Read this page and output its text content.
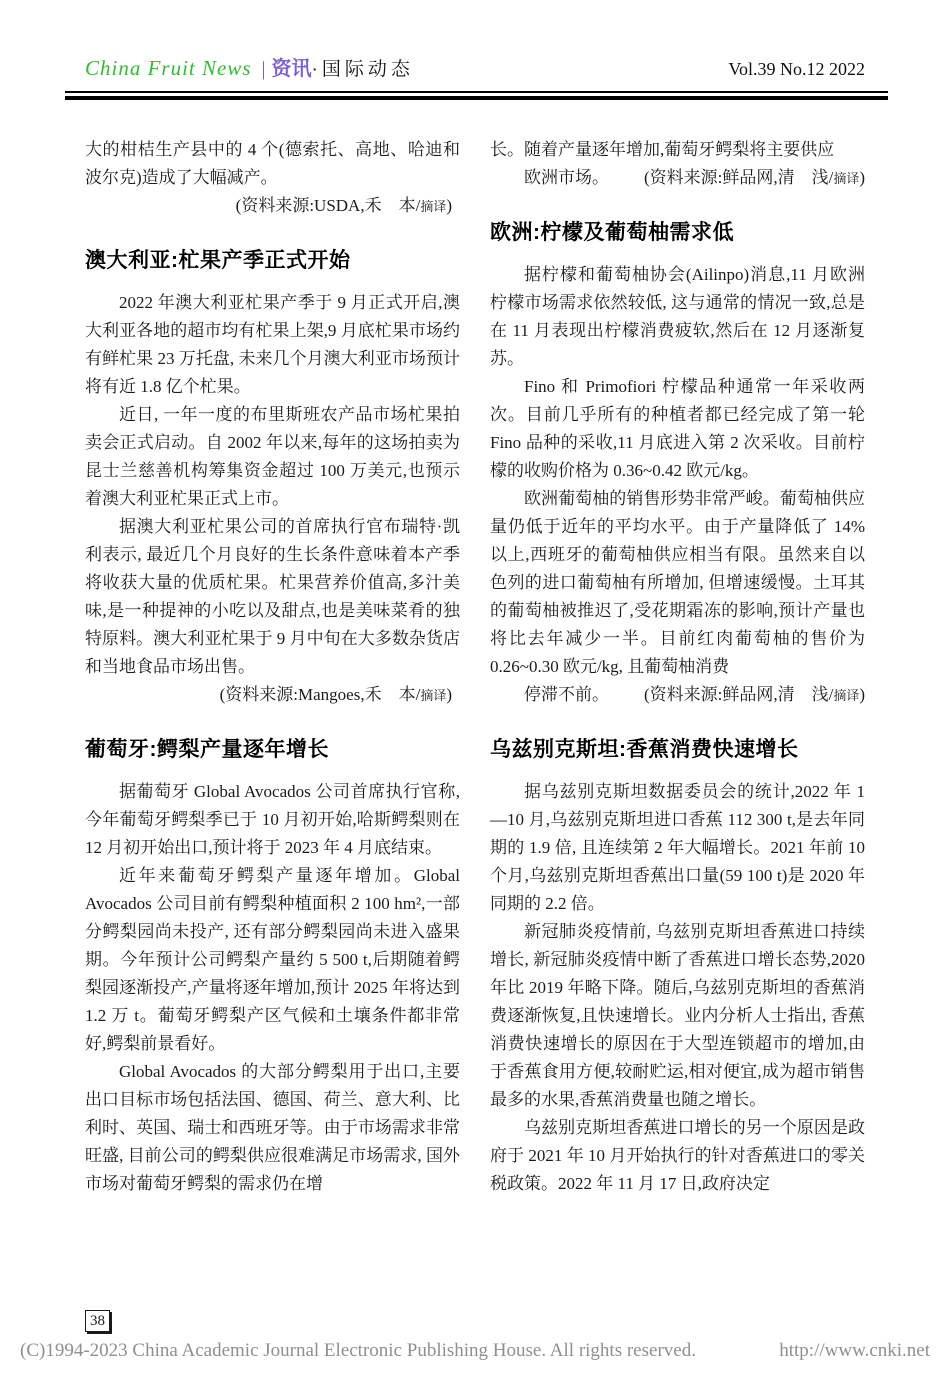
China Fruit News | 资讯·国际动态	Vol.39 No.12 2022

大的柑桔生产县中的 4 个(德索托、高地、哈迪和波尔克)造成了大幅减产。

(资料来源:USDA,禾　本/摘译)

澳大利亚:杧果产季正式开始

2022 年澳大利亚杧果产季于 9 月正式开启,澳大利亚各地的超市均有杧果上架,9 月底杧果市场约有鲜杧果 23 万托盘, 未来几个月澳大利亚市场预计将有近 1.8 亿个杧果。

近日, 一年一度的布里斯班农产品市场杧果拍卖会正式启动。自 2002 年以来,每年的这场拍卖为昆士兰慈善机构筹集资金超过 100 万美元,也预示着澳大利亚杧果正式上市。

据澳大利亚杧果公司的首席执行官布瑞特·凯利表示, 最近几个月良好的生长条件意味着本产季将收获大量的优质杧果。杧果营养价值高,多汁美味,是一种提神的小吃以及甜点,也是美味菜肴的独特原料。澳大利亚杧果于 9 月中旬在大多数杂货店和当地食品市场出售。

(资料来源:Mangoes,禾　本/摘译)

葡萄牙:鳄梨产量逐年增长

据葡萄牙 Global Avocados 公司首席执行官称,今年葡萄牙鳄梨季已于 10 月初开始,哈斯鳄梨则在 12 月初开始出口,预计将于 2023 年 4 月底结束。

近年来葡萄牙鳄梨产量逐年增加。Global Avocados 公司目前有鳄梨种植面积 2 100 hm²,一部分鳄梨园尚未投产, 还有部分鳄梨园尚未进入盛果期。今年预计公司鳄梨产量约 5 500 t,后期随着鳄梨园逐渐投产,产量将逐年增加,预计 2025 年将达到 1.2 万 t。葡萄牙鳄梨产区气候和土壤条件都非常好,鳄梨前景看好。

Global Avocados 的大部分鳄梨用于出口,主要出口目标市场包括法国、德国、荷兰、意大利、比利时、英国、瑞士和西班牙等。由于市场需求非常旺盛, 目前公司的鳄梨供应很难满足市场需求, 国外市场对葡萄牙鳄梨的需求仍在增

长。随着产量逐年增加,葡萄牙鳄梨将主要供应

欧洲市场。	(资料来源:鲜品网,清　浅/摘译)

欧洲:柠檬及葡萄柚需求低

据柠檬和葡萄柚协会(Ailinpo)消息,11 月欧洲柠檬市场需求依然较低, 这与通常的情况一致,总是在 11 月表现出柠檬消费疲软,然后在 12 月逐渐复苏。

Fino 和 Primofiori 柠檬品种通常一年采收两次。目前几乎所有的种植者都已经完成了第一轮 Fino 品种的采收,11 月底进入第 2 次采收。目前柠檬的收购价格为 0.36~0.42 欧元/kg。

欧洲葡萄柚的销售形势非常严峻。葡萄柚供应量仍低于近年的平均水平。由于产量降低了 14%以上,西班牙的葡萄柚供应相当有限。虽然来自以色列的进口葡萄柚有所增加, 但增速缓慢。土耳其的葡萄柚被推迟了,受花期霜冻的影响,预计产量也将比去年减少一半。目前红肉葡萄柚的售价为 0.26~0.30 欧元/kg, 且葡萄柚消费

停滞不前。	(资料来源:鲜品网,清　浅/摘译)

乌兹别克斯坦:香蕉消费快速增长

据乌兹别克斯坦数据委员会的统计,2022 年 1—10 月,乌兹别克斯坦进口香蕉 112 300 t,是去年同期的 1.9 倍, 且连续第 2 年大幅增长。2021 年前 10 个月,乌兹别克斯坦香蕉出口量(59 100 t)是 2020 年同期的 2.2 倍。

新冠肺炎疫情前, 乌兹别克斯坦香蕉进口持续增长, 新冠肺炎疫情中断了香蕉进口增长态势,2020 年比 2019 年略下降。随后,乌兹别克斯坦的香蕉消费逐渐恢复,且快速增长。业内分析人士指出, 香蕉消费快速增长的原因在于大型连锁超市的增加,由于香蕉食用方便,较耐贮运,相对便宜,成为超市销售最多的水果,香蕉消费量也随之增长。

乌兹别克斯坦香蕉进口增长的另一个原因是政府于 2021 年 10 月开始执行的针对香蕉进口的零关税政策。2022 年 11 月 17 日,政府决定

38
(C)1994-2023 China Academic Journal Electronic Publishing House. All rights reserved.	http://www.cnki.net
